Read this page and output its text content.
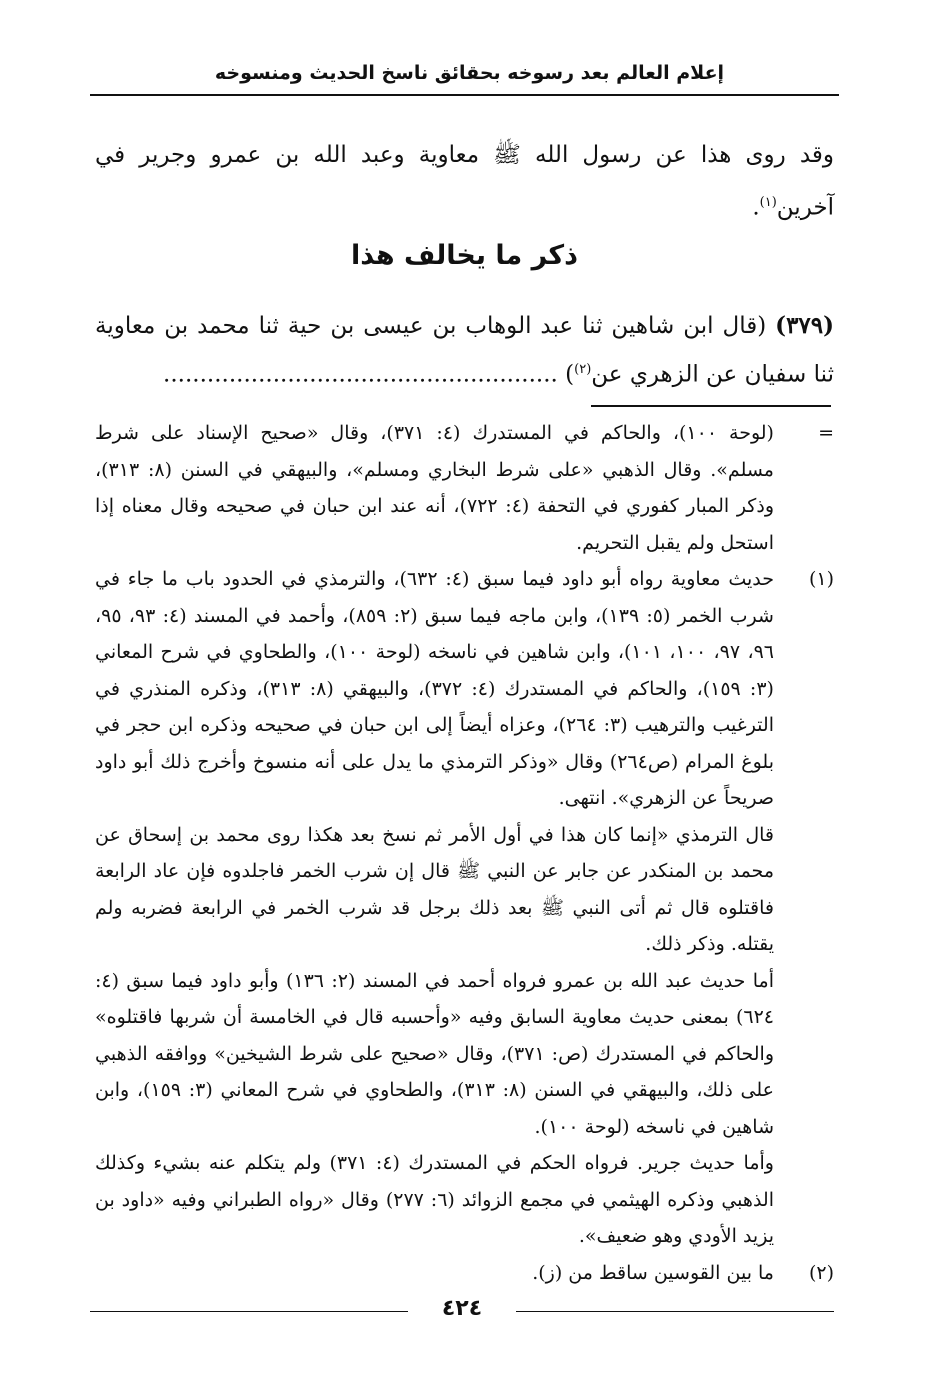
إعلام العالم بعد رسوخه بحقائق ناسخ الحديث ومنسوخه

وقد روى هذا عن رسول الله ﷺ معاوية وعبد الله بن عمرو وجرير في آخرين$^{(١)}$.

ذكر ما يخالف هذا

(٣٧٩) (قال ابن شاهين ثنا عبد الوهاب بن عيسى بن حية ثنا محمد بن معاوية ثنا سفيان عن الزهري عن$^{(٢)}$) ......................................................

=

(لوحة ١٠٠)، والحاكم في المستدرك (٤: ٣٧١)، وقال «صحيح الإسناد على شرط مسلم». وقال الذهبي «على شرط البخاري ومسلم»، والبيهقي في السنن (٨: ٣١٣)، وذكر المبار كفوري في التحفة (٤: ٧٢٢)، أنه عند ابن حبان في صحيحه وقال معناه إذا استحل ولم يقبل التحريم.

(١)

حديث معاوية رواه أبو داود فيما سبق (٤: ٦٣٢)، والترمذي في الحدود باب ما جاء في شرب الخمر (٥: ١٣٩)، وابن ماجه فيما سبق (٢: ٨٥٩)، وأحمد في المسند (٤: ٩٣، ٩٥، ٩٦، ٩٧، ١٠٠، ١٠١)، وابن شاهين في ناسخه (لوحة ١٠٠)، والطحاوي في شرح المعاني (٣: ١٥٩)، والحاكم في المستدرك (٤: ٣٧٢)، والبيهقي (٨: ٣١٣)، وذكره المنذري في الترغيب والترهيب (٣: ٢٦٤)، وعزاه أيضاً إلى ابن حبان في صحيحه وذكره ابن حجر في بلوغ المرام (ص٢٦٤) وقال «وذكر الترمذي ما يدل على أنه منسوخ وأخرج ذلك أبو داود صريحاً عن الزهري». انتهى.

قال الترمذي «إنما كان هذا في أول الأمر ثم نسخ بعد هكذا روى محمد بن إسحاق عن محمد بن المنكدر عن جابر عن النبي ﷺ قال إن شرب الخمر فاجلدوه فإن عاد الرابعة فاقتلوه قال ثم أتى النبي ﷺ بعد ذلك برجل قد شرب الخمر في الرابعة فضربه ولم يقتله. وذكر ذلك.

أما حديث عبد الله بن عمرو فرواه أحمد في المسند (٢: ١٣٦) وأبو داود فيما سبق (٤: ٦٢٤) بمعنى حديث معاوية السابق وفيه «وأحسبه قال في الخامسة أن شربها فاقتلوه» والحاكم في المستدرك (ص: ٣٧١)، وقال «صحيح على شرط الشيخين» ووافقه الذهبي على ذلك، والبيهقي في السنن (٨: ٣١٣)، والطحاوي في شرح المعاني (٣: ١٥٩)، وابن شاهين في ناسخه (لوحة ١٠٠).

وأما حديث جرير. فرواه الحكم في المستدرك (٤: ٣٧١) ولم يتكلم عنه بشيء وكذلك الذهبي وذكره الهيثمي في مجمع الزوائد (٦: ٢٧٧) وقال «رواه الطبراني وفيه «داود بن يزيد الأودي وهو ضعيف».

(٢)

ما بين القوسين ساقط من (ز).

٤٢٤
